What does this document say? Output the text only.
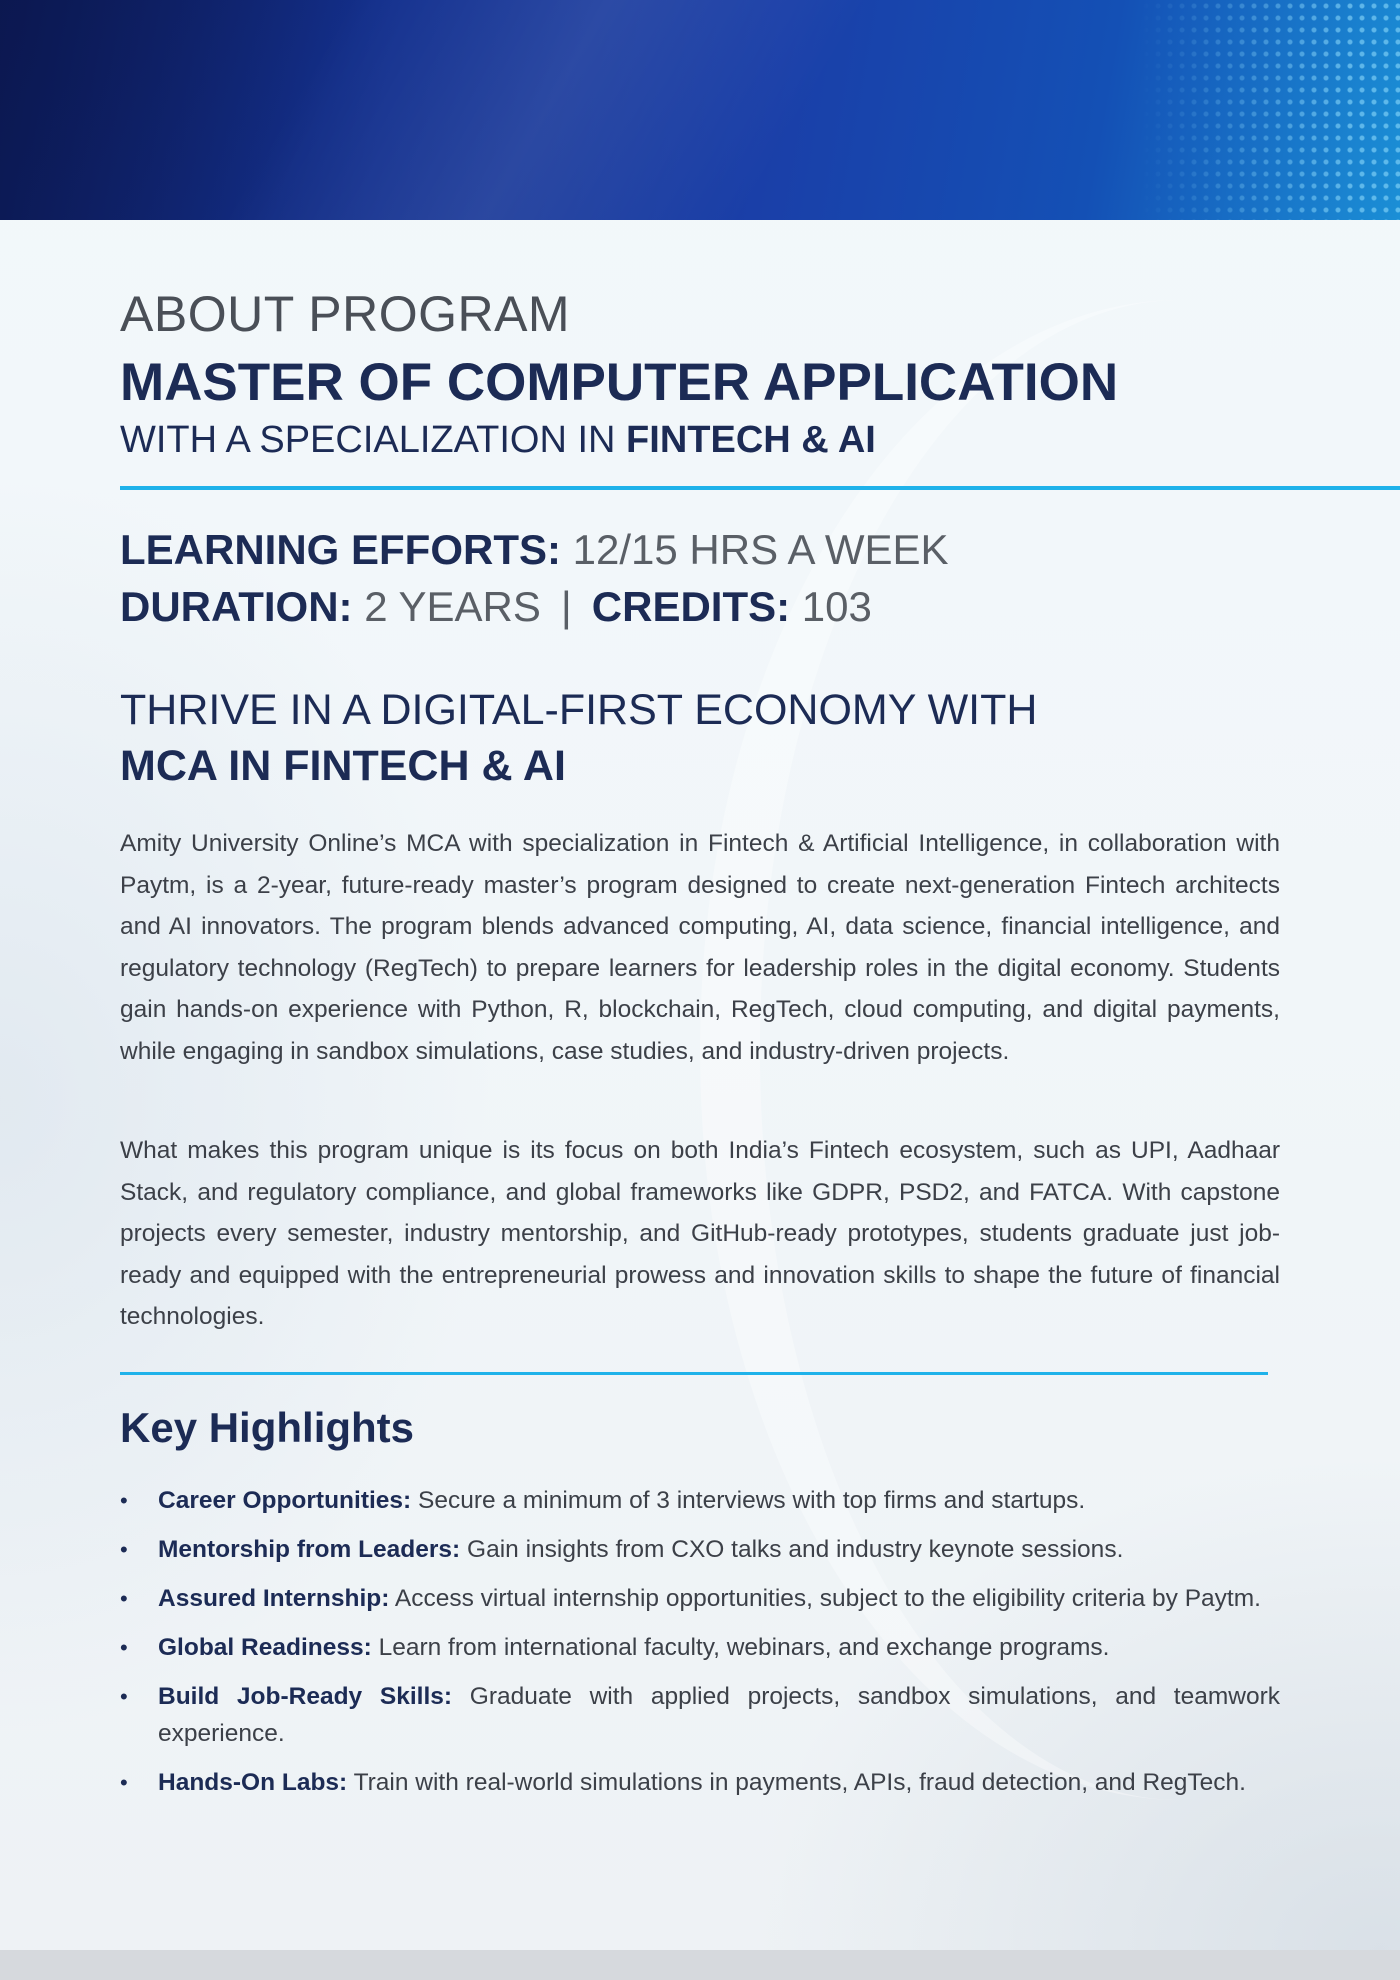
ABOUT PROGRAM
MASTER OF COMPUTER APPLICATION

WITH A SPECIALIZATION IN FINTECH & AI

LEARNING EFFORTS: 12/15 HRS A WEEK

DURATION: 2 YEARS | CREDITS: 103

THRIVE IN A DIGITAL-FIRST ECONOMY WITH
MCA IN FINTECH & AI

Amity University Online’s MCA with specialization in Fintech & Artificial Intelligence, in collaboration with Paytm, is a 2-year, future-ready master’s program designed to create next-generation Fintech architects and AI innovators. The program blends advanced computing, AI, data science, financial intelligence, and regulatory technology (RegTech) to prepare learners for leadership roles in the digital economy. Students gain hands-on experience with Python, R, blockchain, RegTech, cloud computing, and digital payments, while engaging in sandbox simulations, case studies, and industry-driven projects.

What makes this program unique is its focus on both India’s Fintech ecosystem, such as UPI, Aadhaar Stack, and regulatory compliance, and global frameworks like GDPR, PSD2, and FATCA. With capstone projects every semester, industry mentorship, and GitHub-ready prototypes, students graduate just job-ready and equipped with the entrepreneurial prowess and innovation skills to shape the future of financial technologies.

Key Highlights
• Career Opportunities: Secure a minimum of 3 interviews with top firms and startups.
• Mentorship from Leaders: Gain insights from CXO talks and industry keynote sessions.
• Assured Internship: Access virtual internship opportunities, subject to the eligibility criteria by Paytm.
• Global Readiness: Learn from international faculty, webinars, and exchange programs.
• Build Job-Ready Skills: Graduate with applied projects, sandbox simulations, and teamwork experience.
• Hands-On Labs: Train with real-world simulations in payments, APIs, fraud detection, and RegTech.
